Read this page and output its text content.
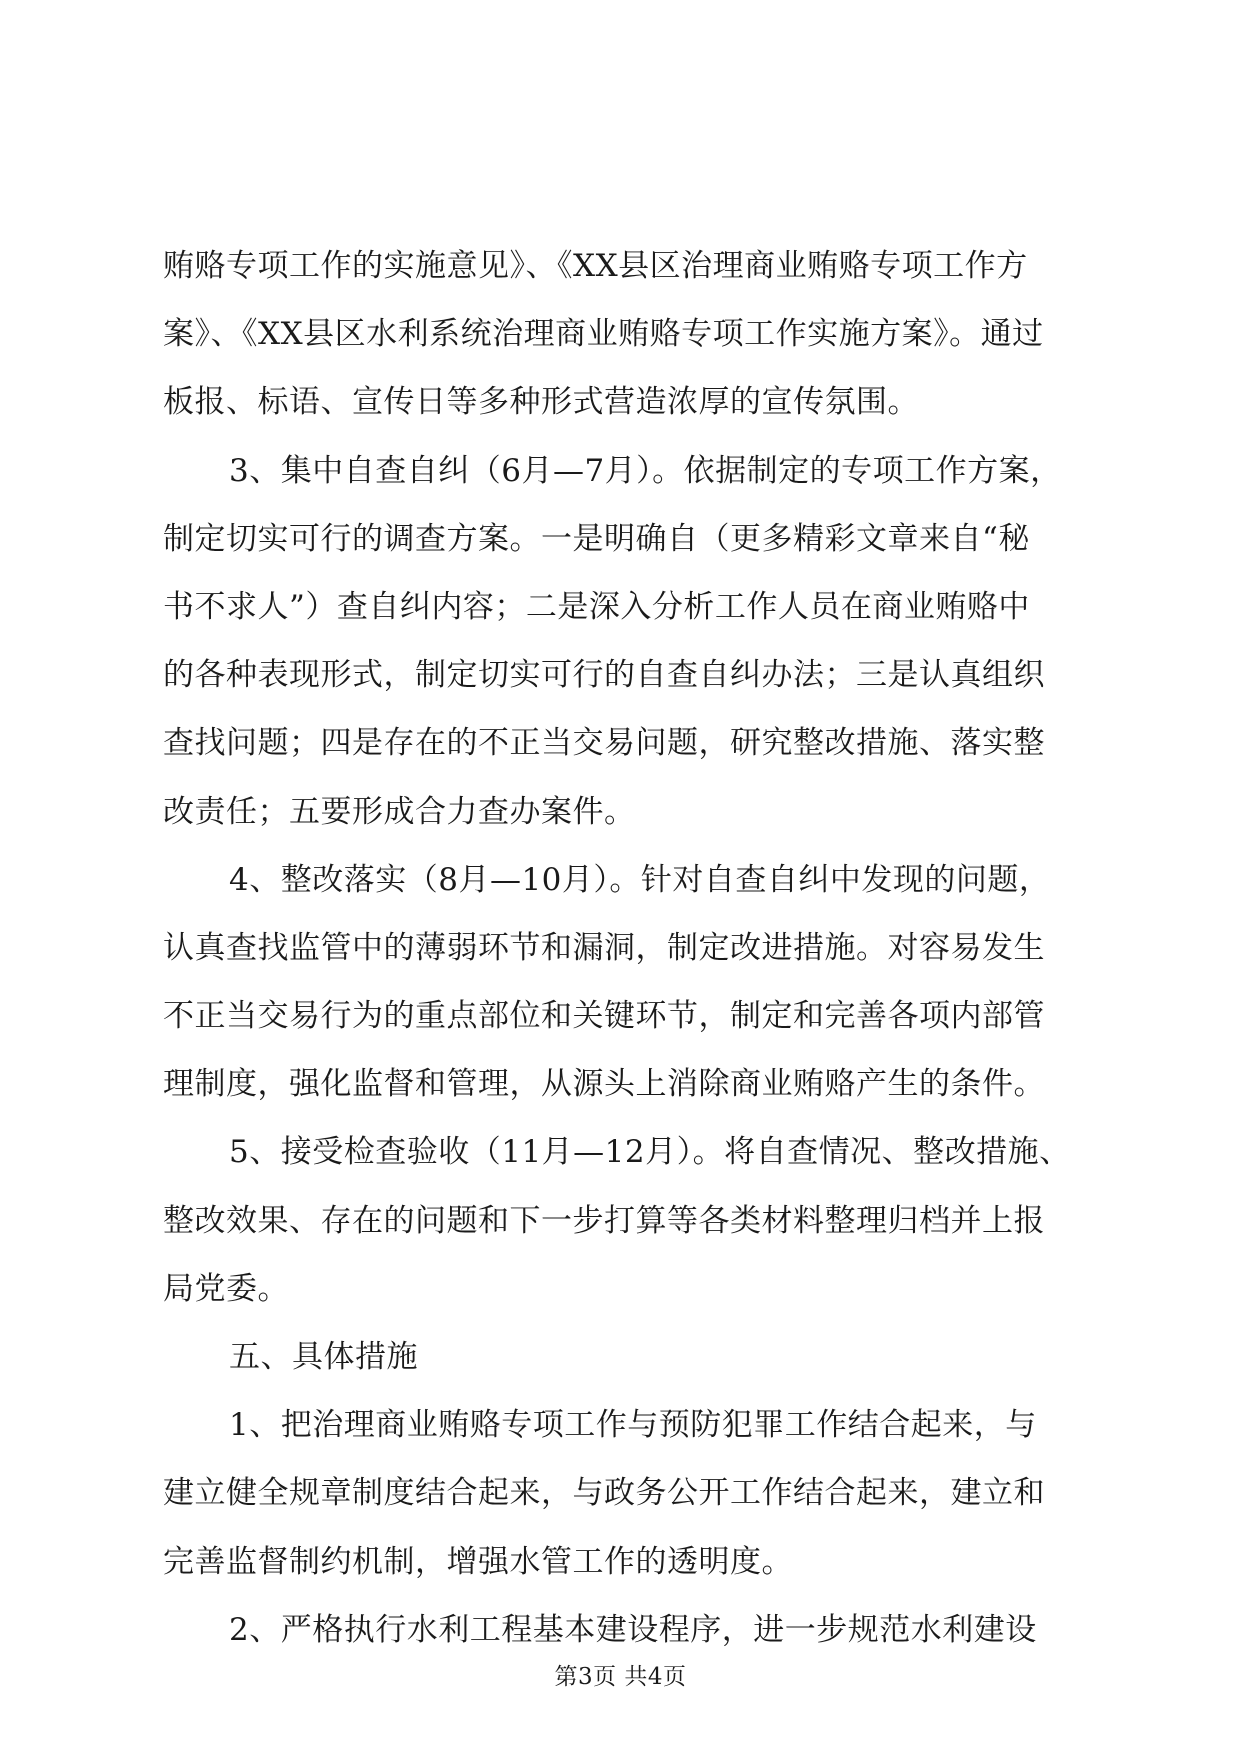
贿赂专项工作的实施意见》、《XX县区治理商业贿赂专项工作方
案》、《XX县区水利系统治理商业贿赂专项工作实施方案》。通过
板报、标语、宣传日等多种形式营造浓厚的宣传氛围。
3、集中自查自纠（6月—7月）。依据制定的专项工作方案，
制定切实可行的调查方案。一是明确自（更多精彩文章来自“秘
书不求人”）查自纠内容；二是深入分析工作人员在商业贿赂中
的各种表现形式，制定切实可行的自查自纠办法；三是认真组织
查找问题；四是存在的不正当交易问题，研究整改措施、落实整
改责任；五要形成合力查办案件。
4、整改落实（8月—10月）。针对自查自纠中发现的问题，
认真查找监管中的薄弱环节和漏洞，制定改进措施。对容易发生
不正当交易行为的重点部位和关键环节，制定和完善各项内部管
理制度，强化监督和管理，从源头上消除商业贿赂产生的条件。
5、接受检查验收（11月—12月）。将自查情况、整改措施、
整改效果、存在的问题和下一步打算等各类材料整理归档并上报
局党委。
五、具体措施
1、把治理商业贿赂专项工作与预防犯罪工作结合起来，与
建立健全规章制度结合起来，与政务公开工作结合起来，建立和
完善监督制约机制，增强水管工作的透明度。
2、严格执行水利工程基本建设程序，进一步规范水利建设
第3页 共4页
